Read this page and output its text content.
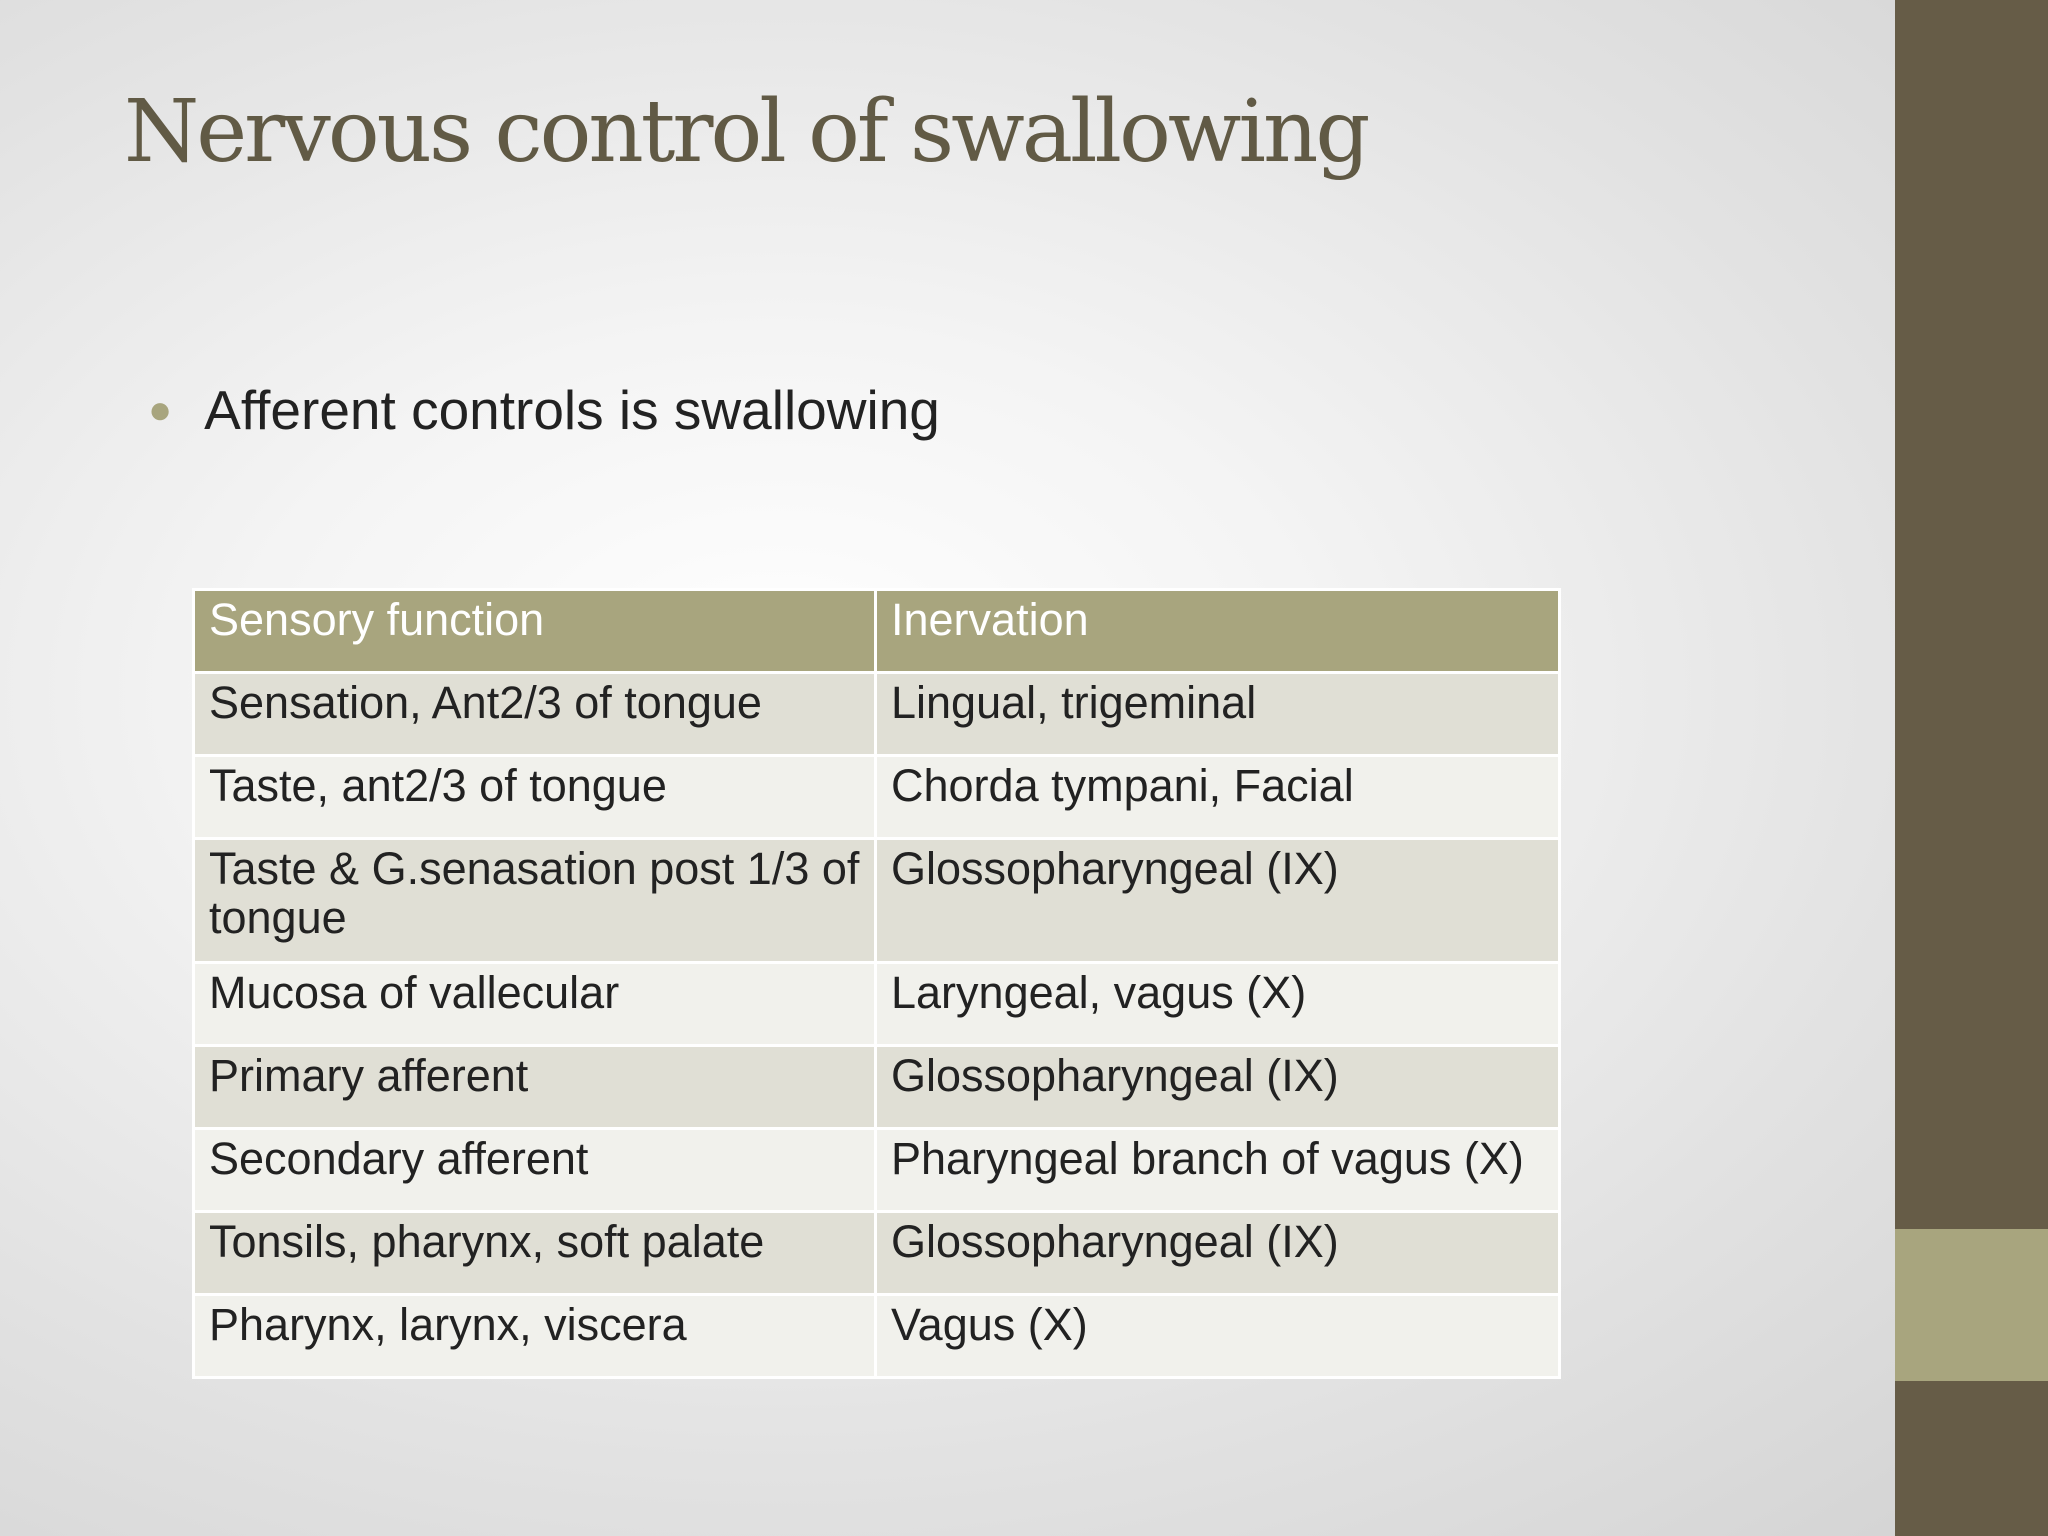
Nervous control of swallowing
● Afferent controls is swallowing
Sensory function	Inervation
Sensation, Ant2/3 of tongue	Lingual, trigeminal
Taste, ant2/3 of tongue	Chorda tympani, Facial
Taste & G.senasation post 1/3 of tongue	Glossopharyngeal (IX)
Mucosa of vallecular	Laryngeal, vagus (X)
Primary afferent	Glossopharyngeal (IX)
Secondary afferent	Pharyngeal branch of vagus (X)
Tonsils, pharynx, soft palate	Glossopharyngeal (IX)
Pharynx, larynx, viscera	Vagus (X)
